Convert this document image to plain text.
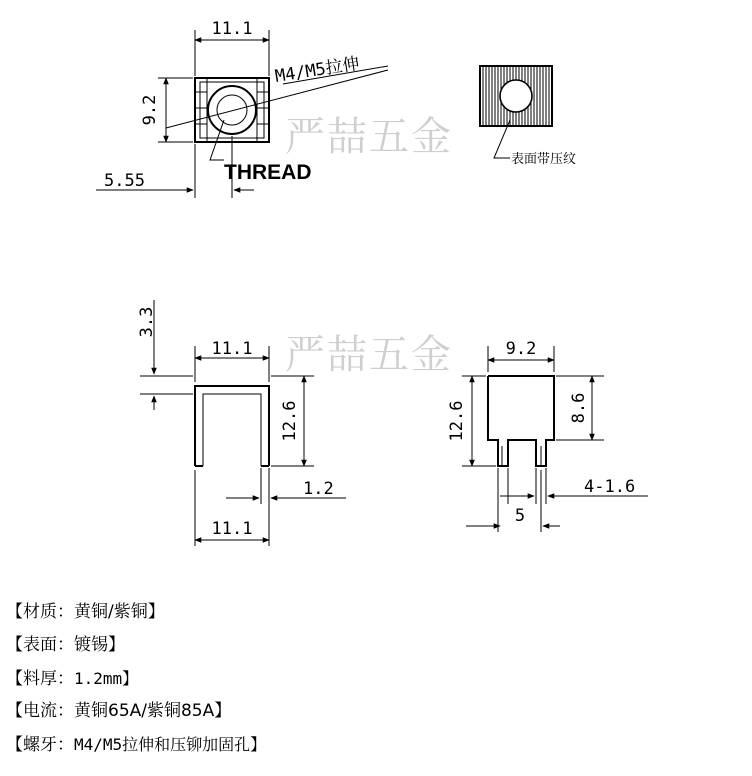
严喆五金
严喆五金
11.1
9.2
5.55
M4/M5拉伸
THREAD
表面带压纹
3.3
11.1
12.6
1.2
11.1
9.2
12.6	8.6
4-1.6
5
【材质：黄铜/紫铜】
【表面：镀锡】
【料厚：1.2mm】
【电流：黄铜65A/紫铜85A】
【螺牙：M4/M5拉伸和压铆加固孔】
